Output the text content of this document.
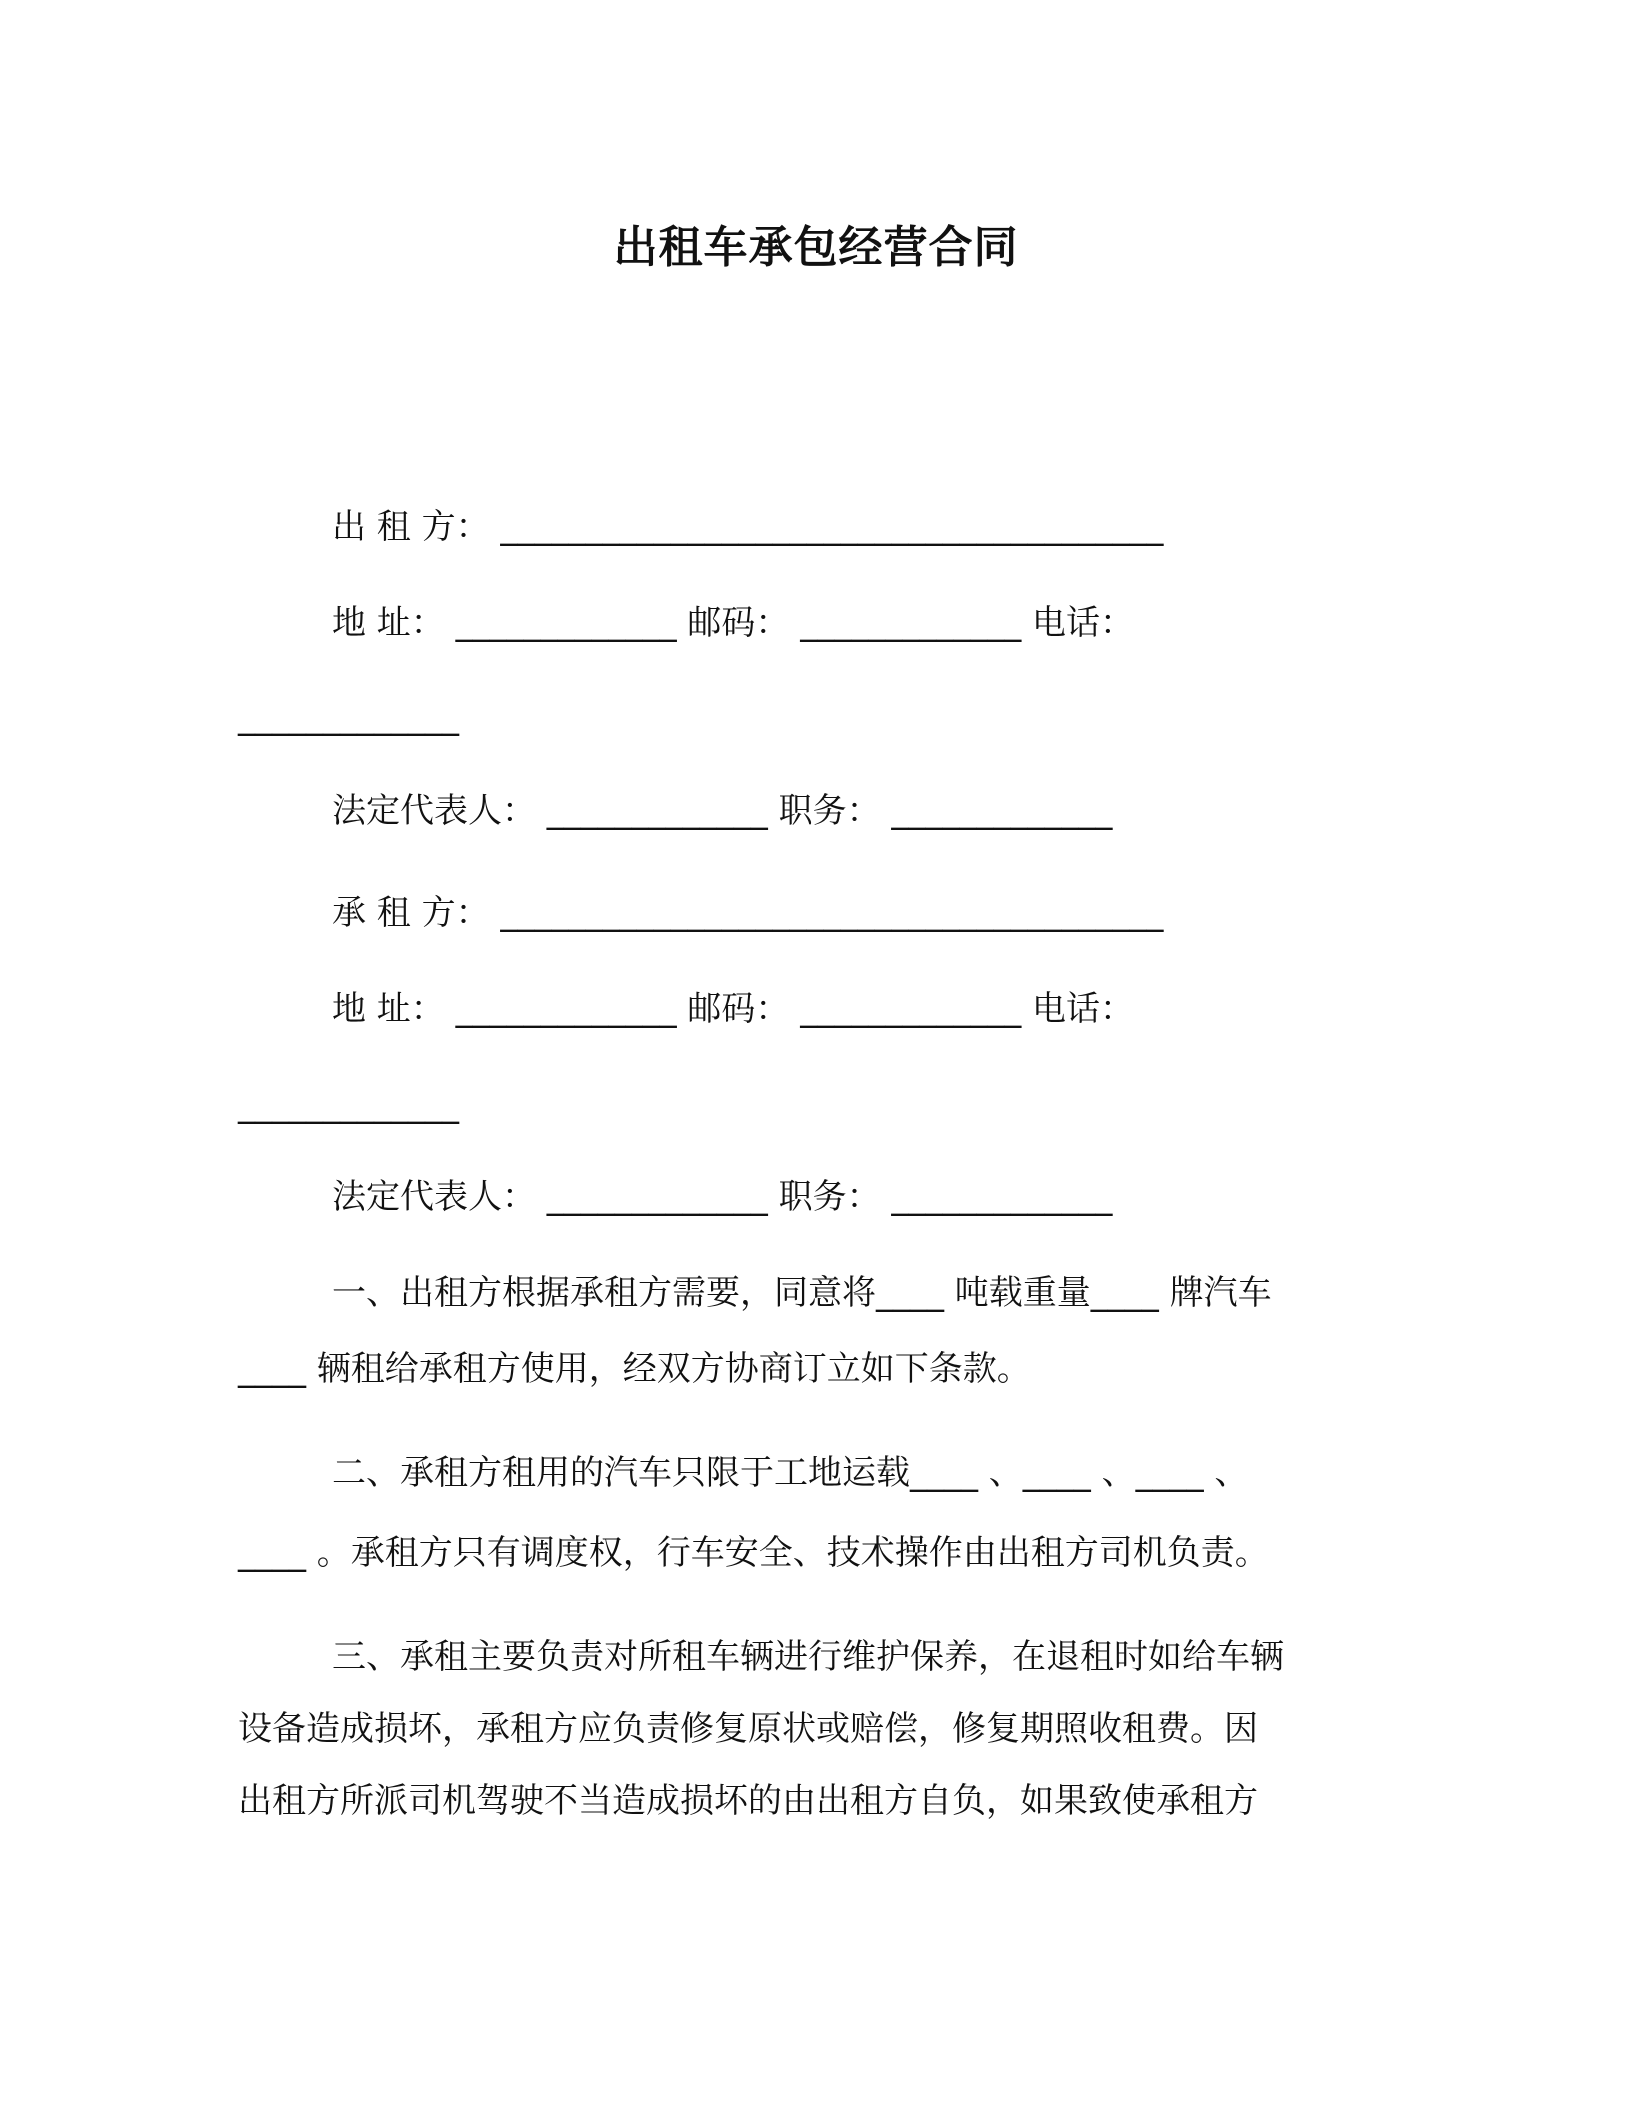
出租车承包经营合同
出 租 方： _______________________________________
地 址： _____________ 邮码： _____________ 电话：
_____________
法定代表人： _____________ 职务： _____________
承 租 方： _______________________________________
地 址： _____________ 邮码： _____________ 电话：
_____________
法定代表人： _____________ 职务： _____________
一、出租方根据承租方需要，同意将____ 吨载重量____ 牌汽车
____ 辆租给承租方使用，经双方协商订立如下条款。
二、承租方租用的汽车只限于工地运载____ 、____ 、____ 、
____ 。承租方只有调度权，行车安全、技术操作由出租方司机负责。
三、承租主要负责对所租车辆进行维护保养，在退租时如给车辆
设备造成损坏，承租方应负责修复原状或赔偿，修复期照收租费。因
出租方所派司机驾驶不当造成损坏的由出租方自负，如果致使承租方
